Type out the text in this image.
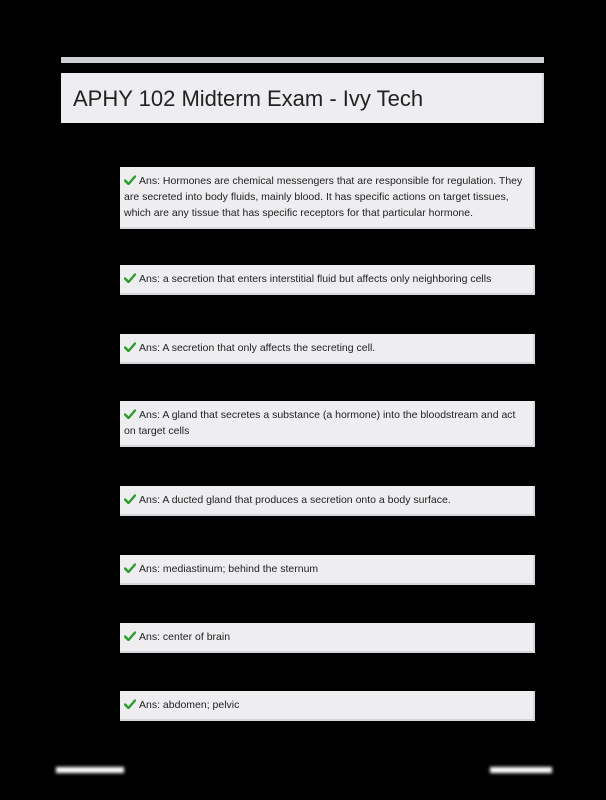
APHY 102 Midterm Exam - Ivy Tech
Ans: Hormones are chemical messengers that are responsible for regulation. They are secreted into body fluids, mainly blood. It has specific actions on target tissues, which are any tissue that has specific receptors for that particular hormone.
Ans: a secretion that enters interstitial fluid but affects only neighboring cells
Ans: A secretion that only affects the secreting cell.
Ans: A gland that secretes a substance (a hormone) into the bloodstream and act on target cells
Ans: A ducted gland that produces a secretion onto a body surface.
Ans: mediastinum; behind the sternum
Ans: center of brain
Ans: abdomen; pelvic
